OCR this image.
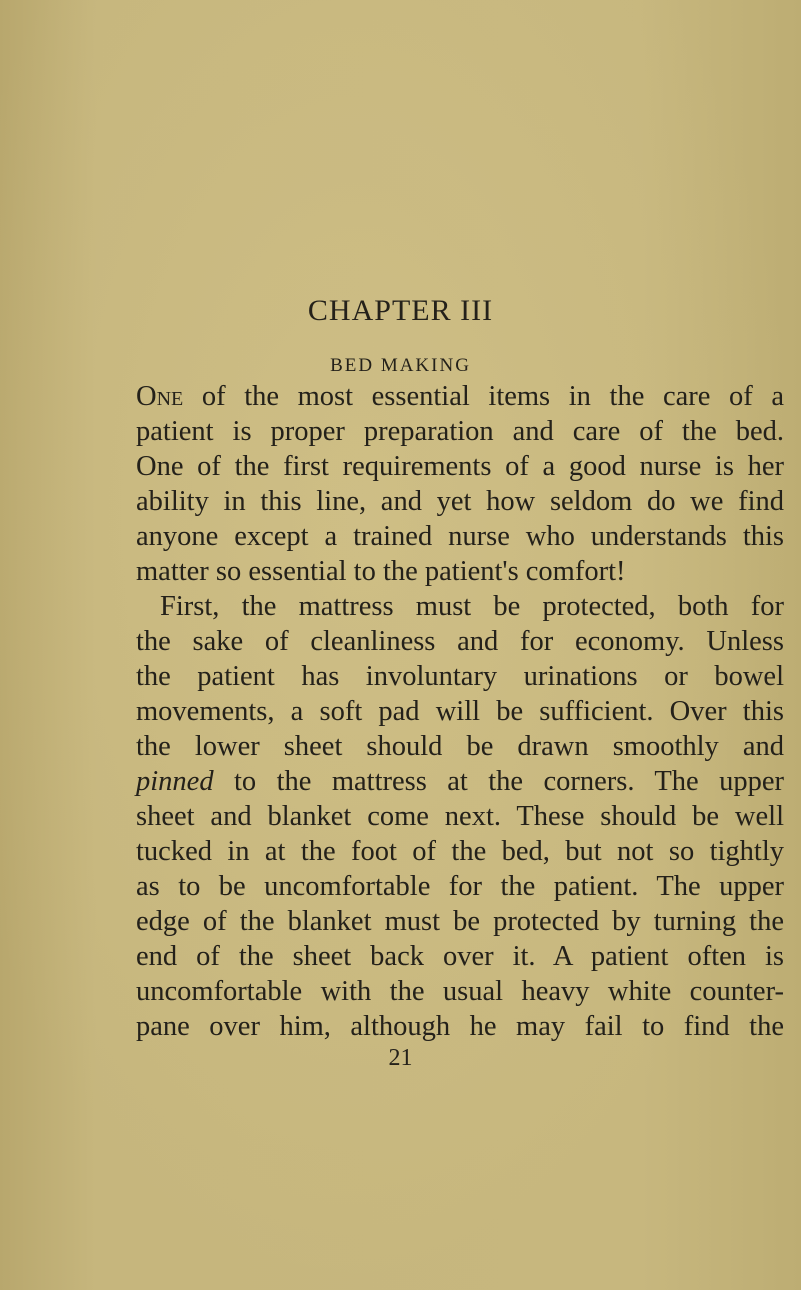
CHAPTER III
BED MAKING
One of the most essential items in the care of a
patient is proper preparation and care of the bed.
One of the first requirements of a good nurse is her
ability in this line, and yet how seldom do we find
anyone except a trained nurse who understands this
matter so essential to the patient's comfort!
First, the mattress must be protected, both for
the sake of cleanliness and for economy. Unless
the patient has involuntary urinations or bowel
movements, a soft pad will be sufficient. Over this
the lower sheet should be drawn smoothly and
pinned to the mattress at the corners. The upper
sheet and blanket come next. These should be well
tucked in at the foot of the bed, but not so tightly
as to be uncomfortable for the patient. The upper
edge of the blanket must be protected by turning the
end of the sheet back over it. A patient often is
uncomfortable with the usual heavy white counter-
pane over him, although he may fail to find the
21
